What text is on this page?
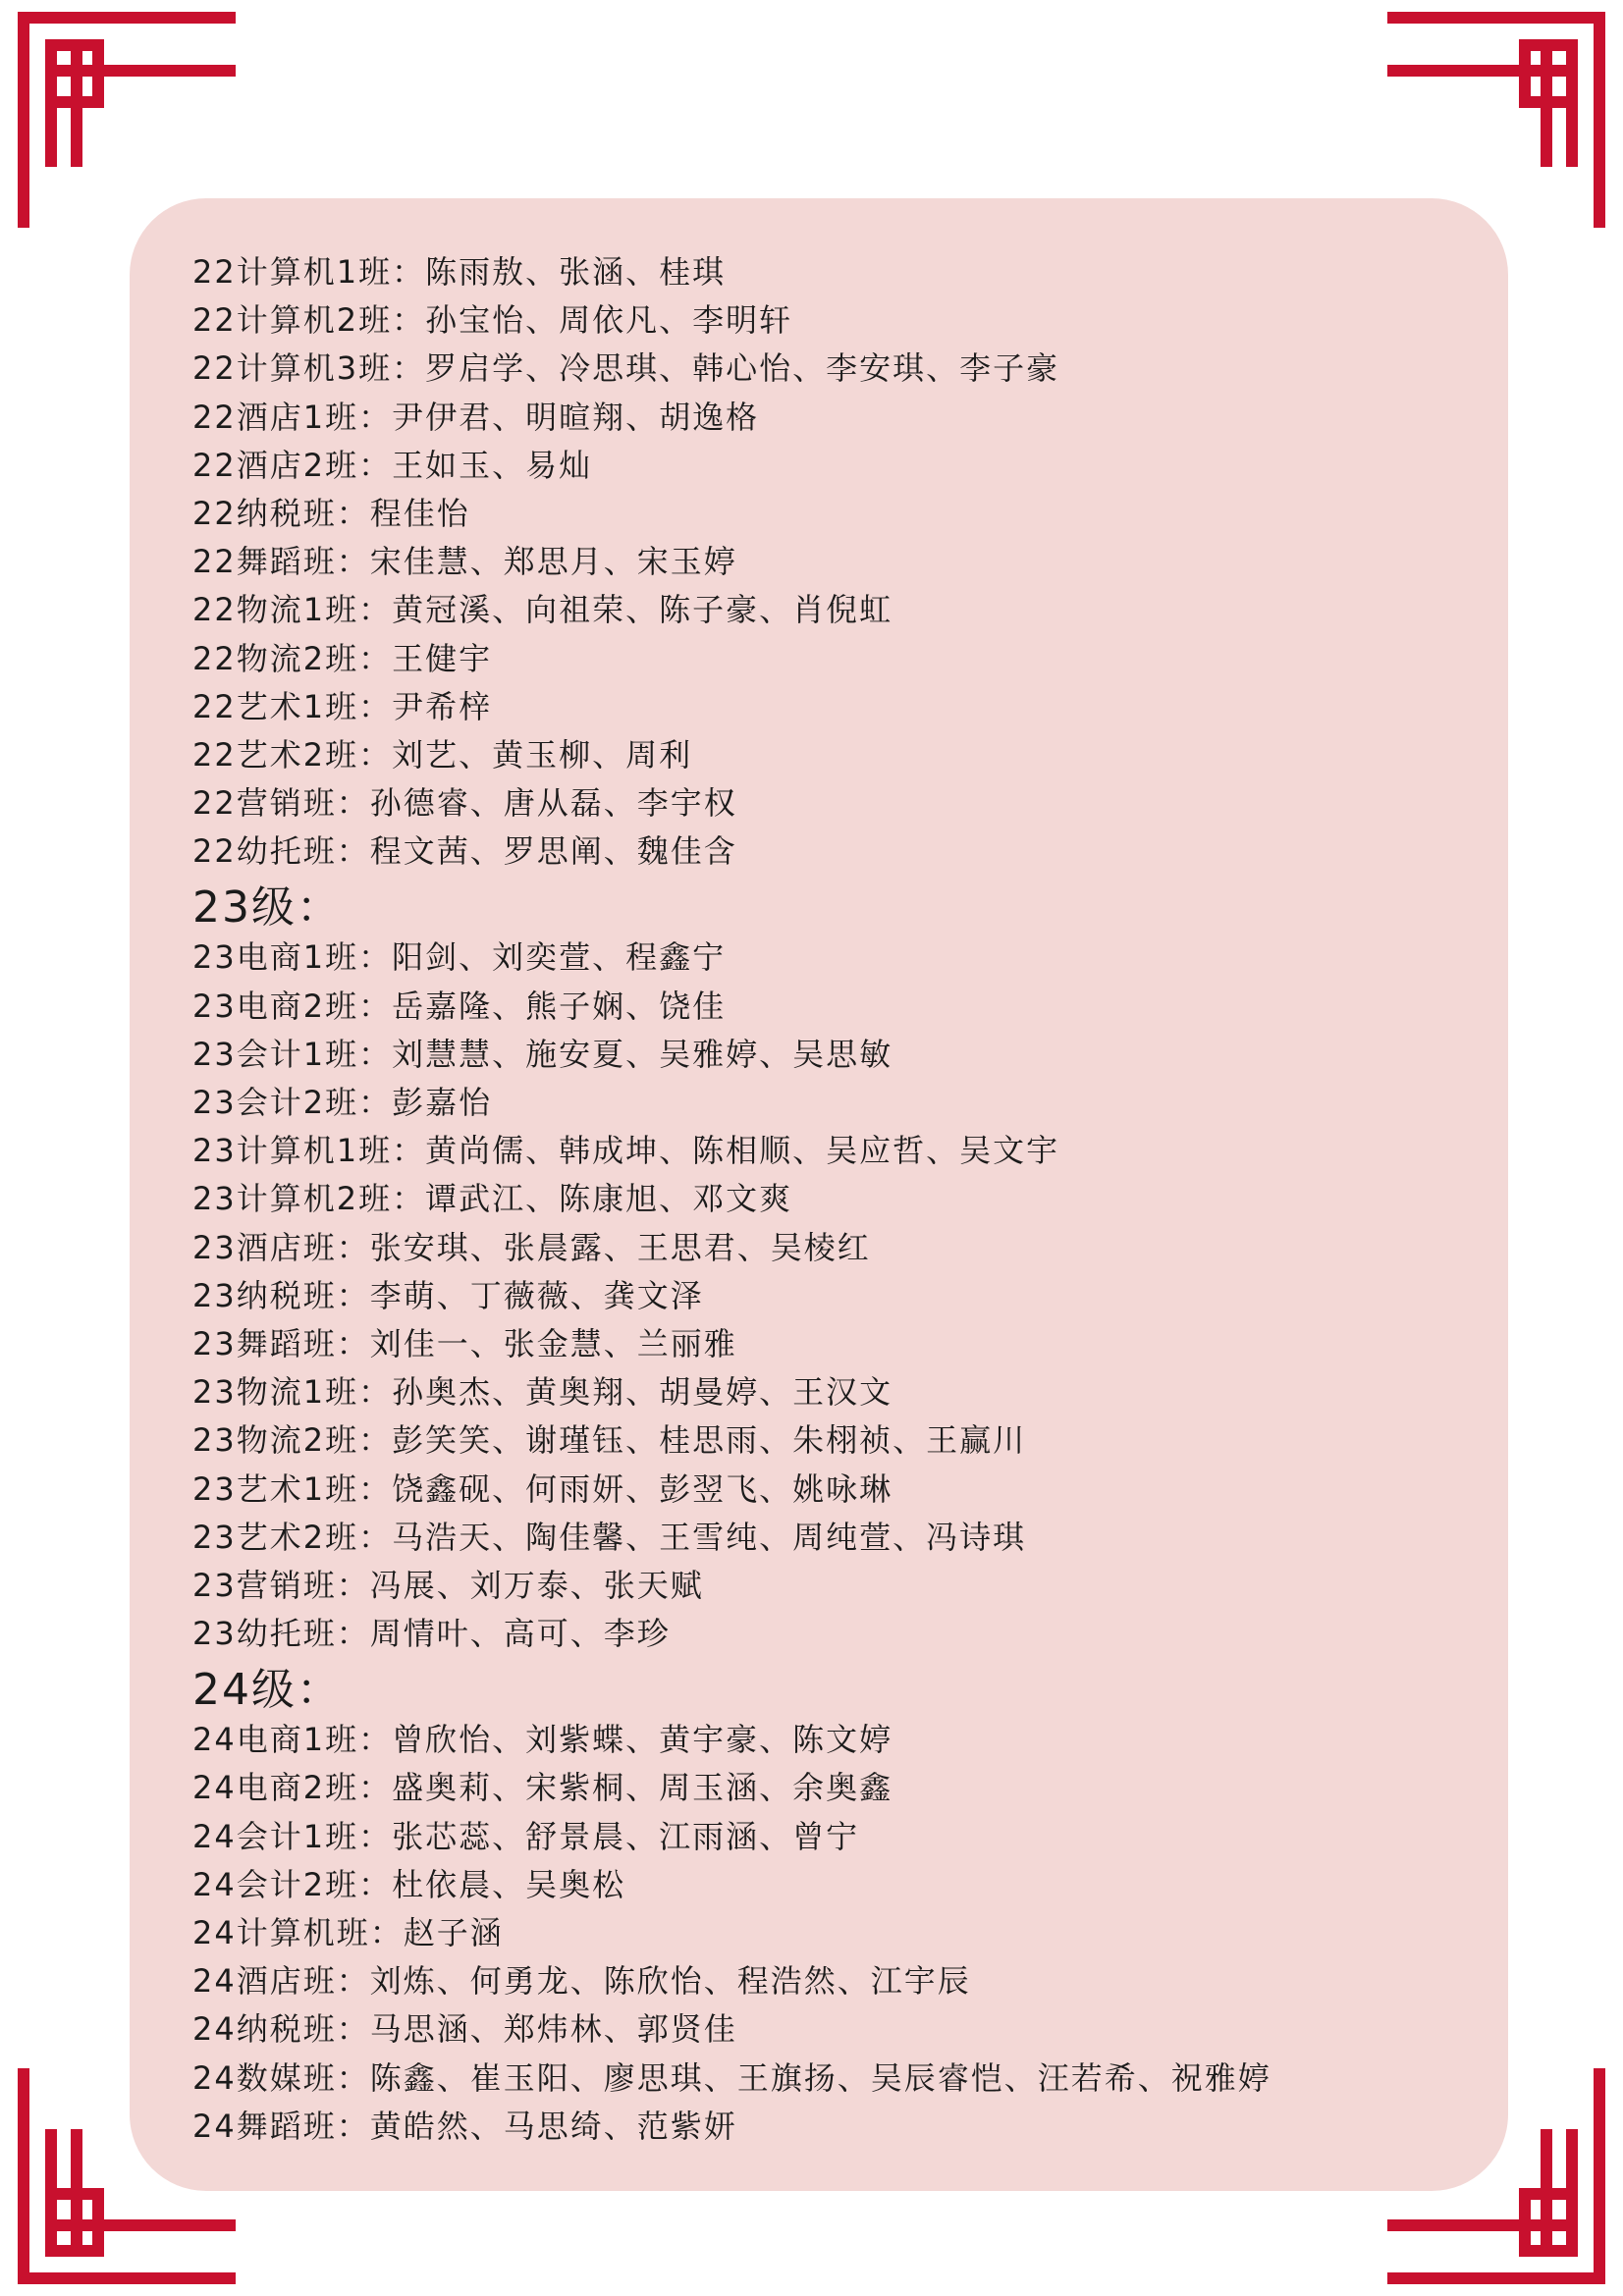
22计算机1班：陈雨敖、张涵、桂琪
22计算机2班：孙宝怡、周依凡、李明轩
22计算机3班：罗启学、冷思琪、韩心怡、李安琪、李子豪
22酒店1班：尹伊君、明暄翔、胡逸格
22酒店2班：王如玉、易灿
22纳税班：程佳怡
22舞蹈班：宋佳慧、郑思月、宋玉婷
22物流1班：黄冠溪、向祖荣、陈子豪、肖倪虹
22物流2班：王健宇
22艺术1班：尹希梓
22艺术2班：刘艺、黄玉柳、周利
22营销班：孙德睿、唐从磊、李宇权
22幼托班：程文茜、罗思阐、魏佳含
23级：
23电商1班：阳剑、刘奕萱、程鑫宁
23电商2班：岳嘉隆、熊子娴、饶佳
23会计1班：刘慧慧、施安夏、吴雅婷、吴思敏
23会计2班：彭嘉怡
23计算机1班：黄尚儒、韩成坤、陈相顺、吴应哲、吴文宇
23计算机2班：谭武江、陈康旭、邓文爽
23酒店班：张安琪、张晨露、王思君、吴棱红
23纳税班：李萌、丁薇薇、龚文泽
23舞蹈班：刘佳一、张金慧、兰丽雅
23物流1班：孙奥杰、黄奥翔、胡曼婷、王汉文
23物流2班：彭笑笑、谢瑾钰、桂思雨、朱栩祯、王赢川
23艺术1班：饶鑫砚、何雨妍、彭翌飞、姚咏琳
23艺术2班：马浩天、陶佳馨、王雪纯、周纯萱、冯诗琪
23营销班：冯展、刘万泰、张天赋
23幼托班：周情叶、高可、李珍
24级：
24电商1班：曾欣怡、刘紫蝶、黄宇豪、陈文婷
24电商2班：盛奥莉、宋紫桐、周玉涵、余奥鑫
24会计1班：张芯蕊、舒景晨、江雨涵、曾宁
24会计2班：杜依晨、吴奥松
24计算机班：赵子涵
24酒店班：刘炼、何勇龙、陈欣怡、程浩然、江宇辰
24纳税班：马思涵、郑炜林、郭贤佳
24数媒班：陈鑫、崔玉阳、廖思琪、王旗扬、吴辰睿恺、汪若希、祝雅婷
24舞蹈班：黄皓然、马思绮、范紫妍
